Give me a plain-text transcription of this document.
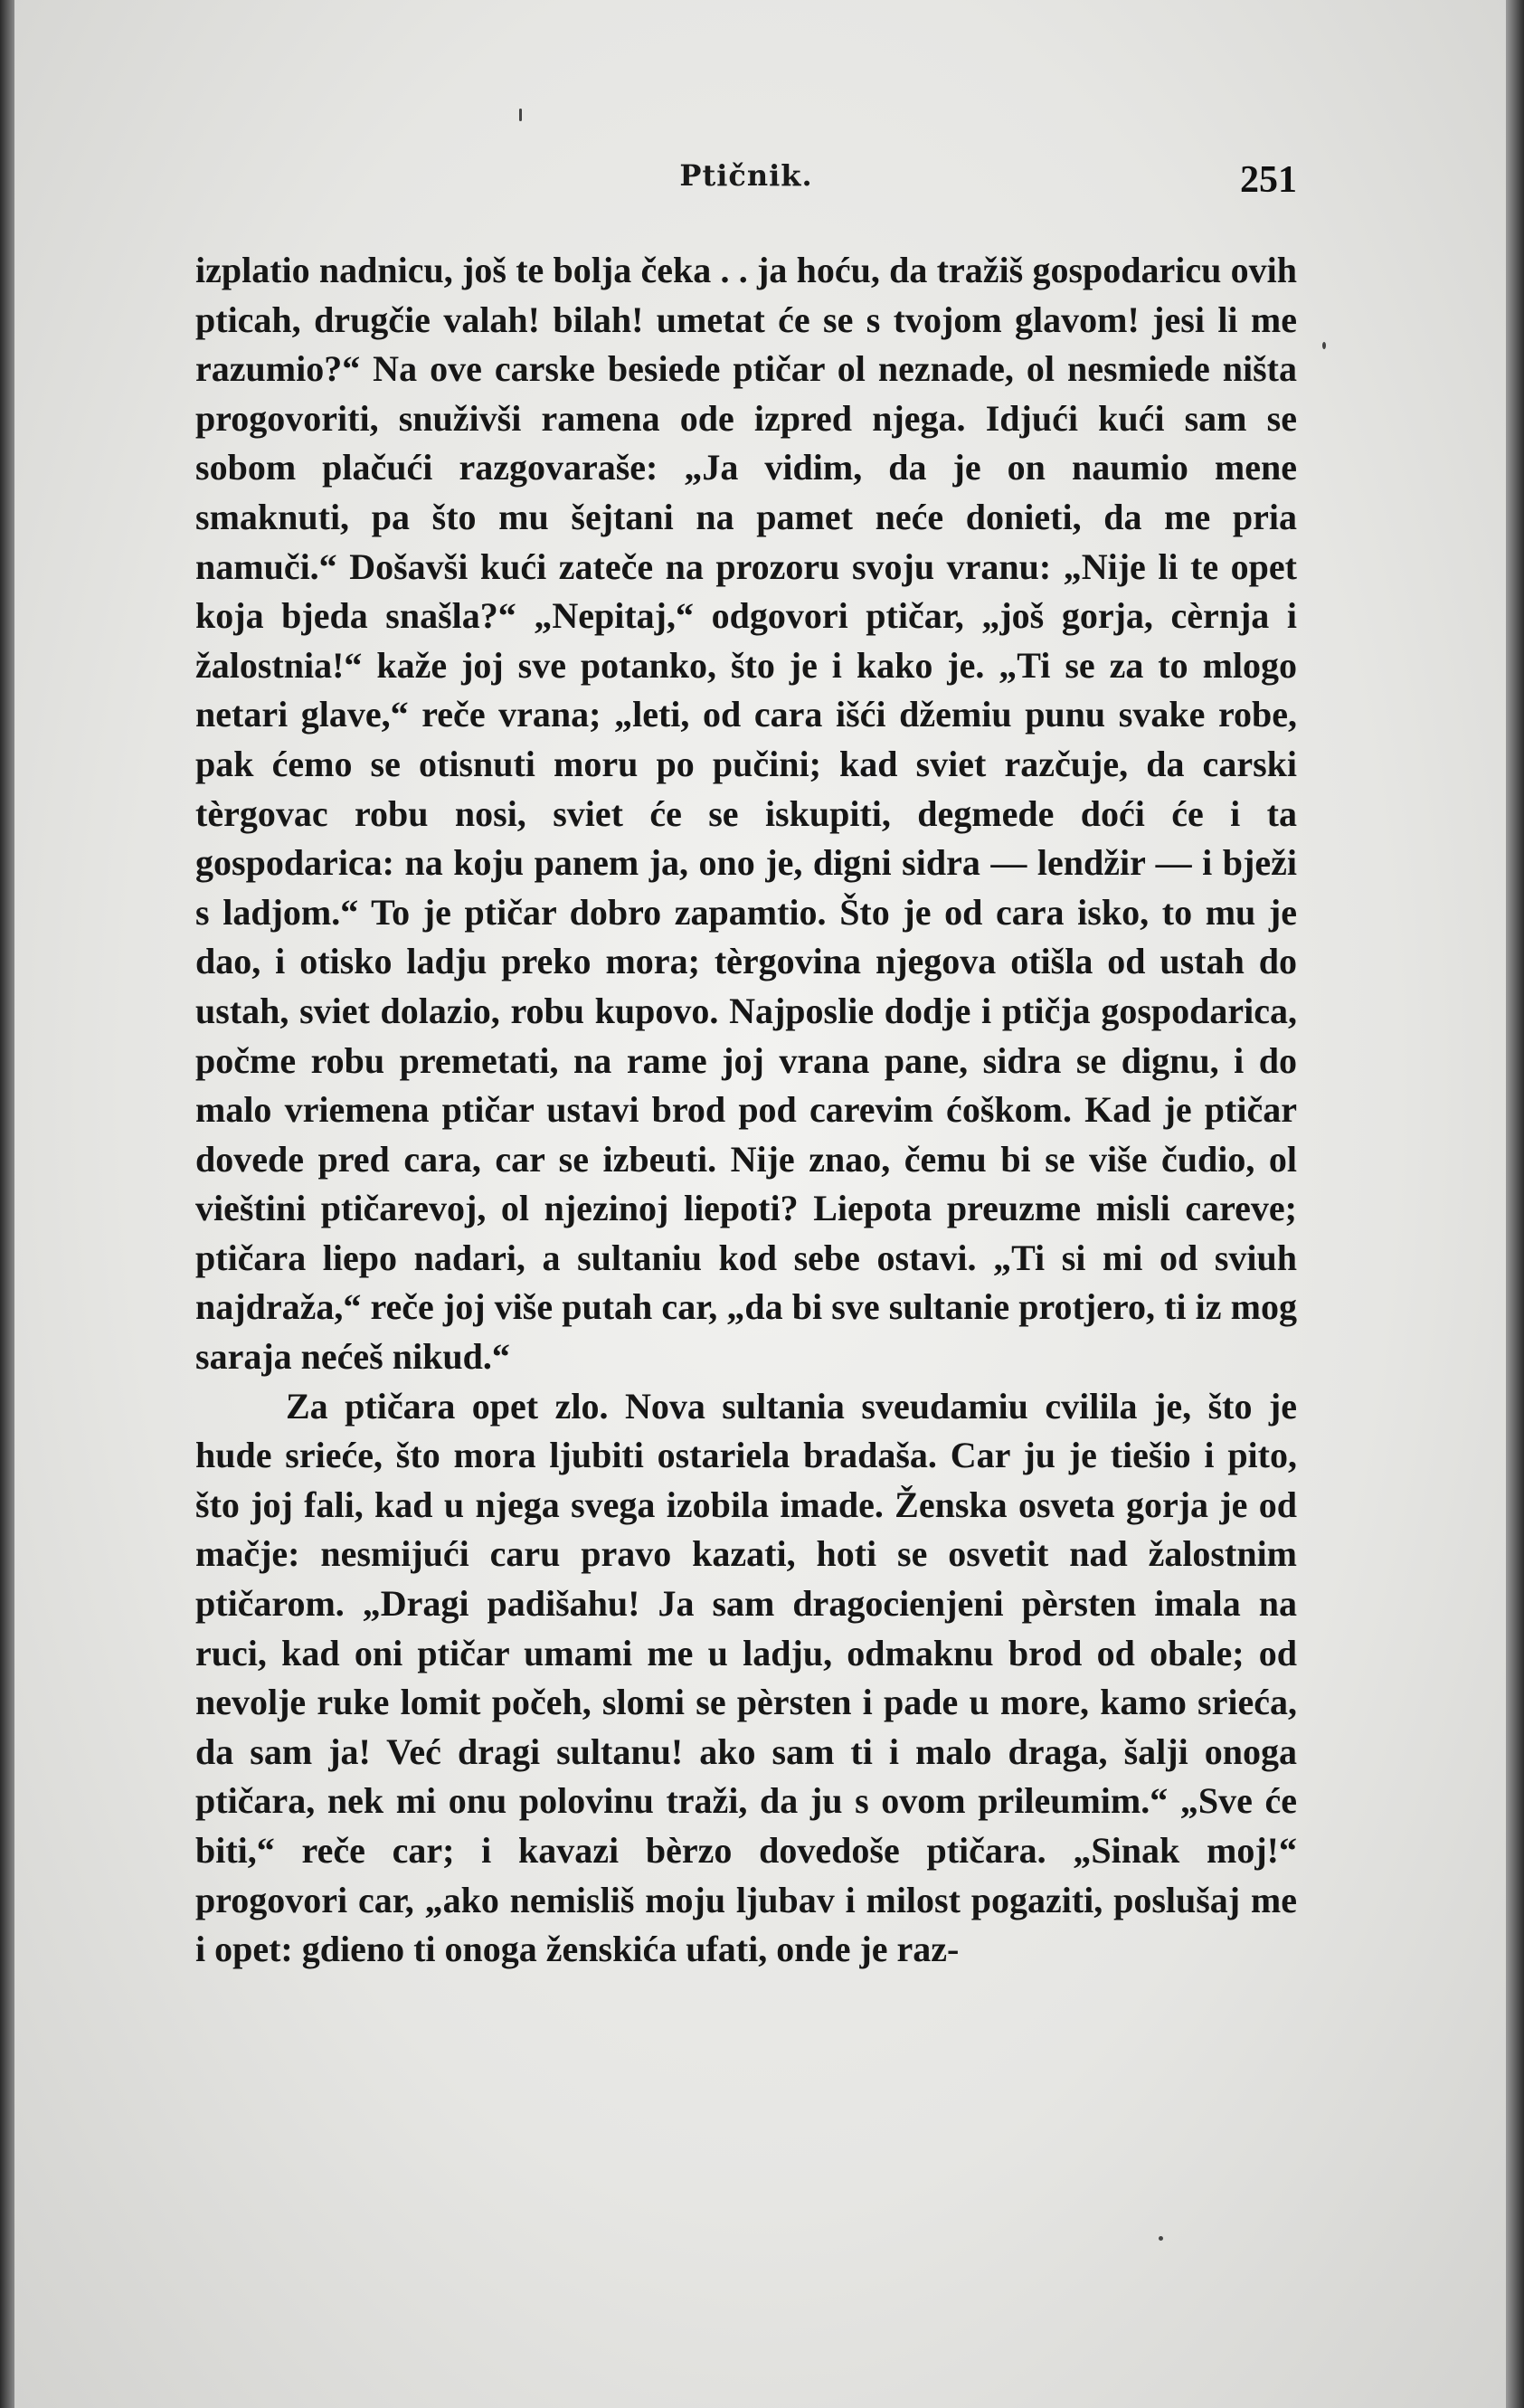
Ptičnik.	251

izplatio nadnicu, još te bolja čeka . . ja hoću, da tražiš gospodaricu ovih pticah, drugčie valah! bilah! umetat će se s tvojom glavom! jesi li me razumio?“ Na ove carske besiede ptičar ol neznade, ol nesmiede ništa progovoriti, snuživši ramena ode izpred njega. Idjući kući sam se sobom plačući razgovaraše: „Ja vidim, da je on naumio mene smaknuti, pa što mu šejtani na pamet neće donieti, da me pria namuči.“ Došavši kući zateče na prozoru svoju vranu: „Nije li te opet koja bjeda snašla?“ „Nepitaj,“ odgovori ptičar, „još gorja, cèrnja i žalostnia!“ kaže joj sve potanko, što je i kako je. „Ti se za to mlogo netari glave,“ reče vrana; „leti, od cara išći džemiu punu svake robe, pak ćemo se otisnuti moru po pučini; kad sviet razčuje, da carski tèrgovac robu nosi, sviet će se iskupiti, degmede doći će i ta gospodarica: na koju panem ja, ono je, digni sidra — lendžir — i bježi s ladjom.“ To je ptičar dobro zapamtio. Što je od cara isko, to mu je dao, i otisko ladju preko mora; tèrgovina njegova otišla od ustah do ustah, sviet dolazio, robu kupovo. Najposlie dodje i ptičja gospodarica, počme robu premetati, na rame joj vrana pane, sidra se dignu, i do malo vriemena ptičar ustavi brod pod carevim ćoškom. Kad je ptičar dovede pred cara, car se izbeuti. Nije znao, čemu bi se više čudio, ol vieštini ptičarevoj, ol njezinoj liepoti? Liepota preuzme misli careve; ptičara liepo nadari, a sultaniu kod sebe ostavi. „Ti si mi od sviuh najdraža,“ reče joj više putah car, „da bi sve sultanie protjero, ti iz mog saraja nećeš nikud.“

Za ptičara opet zlo. Nova sultania sveudamiu cvilila je, što je hude srieće, što mora ljubiti ostariela bradaša. Car ju je tiešio i pito, što joj fali, kad u njega svega izobila imade. Ženska osveta gorja je od mačje: nesmijući caru pravo kazati, hoti se osvetit nad žalostnim ptičarom. „Dragi padišahu! Ja sam dragocienjeni pèrsten imala na ruci, kad oni ptičar umami me u ladju, odmaknu brod od obale; od nevolje ruke lomit počeh, slomi se pèrsten i pade u more, kamo srieća, da sam ja! Već dragi sultanu! ako sam ti i malo draga, šalji onoga ptičara, nek mi onu polovinu traži, da ju s ovom prileumim.“ „Sve će biti,“ reče car; i kavazi bèrzo dovedoše ptičara. „Sinak moj!“ progovori car, „ako nemisliš moju ljubav i milost pogaziti, poslušaj me i opet: gdieno ti onoga ženskića ufati, onde je raz-
